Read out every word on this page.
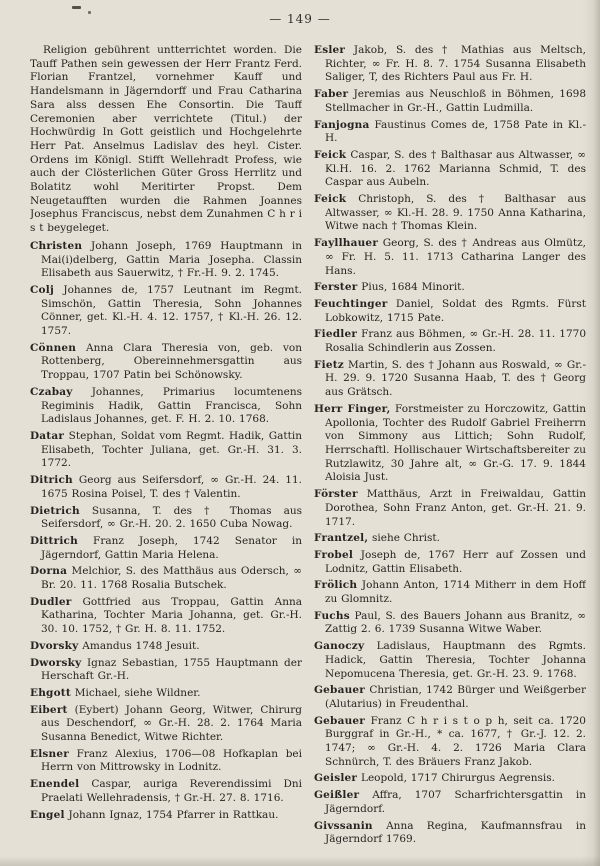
— 149 —

Religion gebührent untterrichtet worden. Die Tauff Pathen sein gewessen der Herr Frantz Ferd. Florian Frantzel, vornehmer Kauff und Handelsmann in Jägerndorff und Frau Catharina Sara alss dessen Ehe Consortin. Die Tauff Ceremonien aber verrichtete (Titul.) der Hochwürdig In Gott geistlich und Hochgelehrte Herr Pat. Anselmus Ladislav des heyl. Cister. Ordens im Königl. Stifft Wellehradt Profess, wie auch der Clösterlichen Güter Gross Herrlitz und Bolatitz wohl Meritirter Propst. Dem Neugetaufften wurden die Rahmen Joannes Josephus Franciscus, nebst dem Zunahmen C h r i s t beygeleget.

Christen Johann Joseph, 1769 Hauptmann in Mai(i)delberg, Gattin Maria Josepha. Classin Elisabeth aus Sauerwitz, † Fr.-H. 9. 2. 1745.

Colj Johannes de, 1757 Leutnant im Regmt. Simschön, Gattin Theresia, Sohn Johannes Cönner, get. Kl.-H. 4. 12. 1757, † Kl.-H. 26. 12. 1757.

Cönnen Anna Clara Theresia von, geb. von Rottenberg, Obereinnehmersgattin aus Troppau, 1707 Patin bei Schönowsky.

Czabay Johannes, Primarius locumtenens Regiminis Hadik, Gattin Francisca, Sohn Ladislaus Johannes, get. F. H. 2. 10. 1768.

Datar Stephan, Soldat vom Regmt. Hadik, Gattin Elisabeth, Tochter Juliana, get. Gr.-H. 31. 3. 1772.

Ditrich Georg aus Seifersdorf, ∞ Gr.-H. 24. 11. 1675 Rosina Poisel, T. des † Valentin.

Dietrich Susanna, T. des † Thomas aus Seifersdorf, ∞ Gr.-H. 20. 2. 1650 Cuba Nowag.

Dittrich Franz Joseph, 1742 Senator in Jägerndorf, Gattin Maria Helena.

Dorna Melchior, S. des Matthäus aus Odersch, ∞ Br. 20. 11. 1768 Rosalia Butschek.

Dudler Gottfried aus Troppau, Gattin Anna Katharina, Tochter Maria Johanna, get. Gr.-H. 30. 10. 1752, † Gr. H. 8. 11. 1752.

Dvorsky Amandus 1748 Jesuit.

Dworsky Ignaz Sebastian, 1755 Hauptmann der Herschaft Gr.-H.

Ehgott Michael, siehe Wildner.

Eibert (Eybert) Johann Georg, Witwer, Chirurg aus Deschendorf, ∞ Gr.-H. 28. 2. 1764 Maria Susanna Benedict, Witwe Richter.

Elsner Franz Alexius, 1706—08 Hofkaplan bei Herrn von Mittrowsky in Lodnitz.

Enendel Caspar, auriga Reverendissimi Dni Praelati Wellehradensis, † Gr.-H. 27. 8. 1716.

Engel Johann Ignaz, 1754 Pfarrer in Rattkau.

Esler Jakob, S. des † Mathias aus Meltsch, Richter, ∞ Fr. H. 8. 7. 1754 Susanna Elisabeth Saliger, T, des Richters Paul aus Fr. H.

Faber Jeremias aus Neuschloß in Böhmen, 1698 Stellmacher in Gr.-H., Gattin Ludmilla.

Fanjogna Faustinus Comes de, 1758 Pate in Kl.-H.

Feick Caspar, S. des † Balthasar aus Altwasser, ∞ Kl.H. 16. 2. 1762 Marianna Schmid, T. des Caspar aus Aubeln.

Feick Christoph, S. des † Balthasar aus Altwasser, ∞ Kl.-H. 28. 9. 1750 Anna Katharina, Witwe nach † Thomas Klein.

Fayllhauer Georg, S. des † Andreas aus Olmütz, ∞ Fr. H. 5. 11. 1713 Catharina Langer des Hans.

Ferster Pius, 1684 Minorit.

Feuchtinger Daniel, Soldat des Rgmts. Fürst Lobkowitz, 1715 Pate.

Fiedler Franz aus Böhmen, ∞ Gr.-H. 28. 11. 1770 Rosalia Schindlerin aus Zossen.

Fietz Martin, S. des † Johann aus Roswald, ∞ Gr.-H. 29. 9. 1720 Susanna Haab, T. des † Georg aus Grätsch.

Herr Finger, Forstmeister zu Horczowitz, Gattin Apollonia, Tochter des Rudolf Gabriel Freiherrn von Simmony aus Littich; Sohn Rudolf, Herrschaftl. Hollischauer Wirtschaftsbereiter zu Rutzlawitz, 30 Jahre alt, ∞ Gr.-G. 17. 9. 1844 Aloisia Just.

Förster Matthäus, Arzt in Freiwaldau, Gattin Dorothea, Sohn Franz Anton, get. Gr.-H. 21. 9. 1717.

Frantzel, siehe Christ.

Frobel Joseph de, 1767 Herr auf Zossen und Lodnitz, Gattin Elisabeth.

Frölich Johann Anton, 1714 Mitherr in dem Hoff zu Glomnitz.

Fuchs Paul, S. des Bauers Johann aus Branitz, ∞ Zattig 2. 6. 1739 Susanna Witwe Waber.

Ganoczy Ladislaus, Hauptmann des Rgmts. Hadick, Gattin Theresia, Tochter Johanna Nepomucena Theresia, get. Gr.-H. 23. 9. 1768.

Gebauer Christian, 1742 Bürger und Weißgerber (Alutarius) in Freudenthal.

Gebauer Franz C h r i s t o p h, seit ca. 1720 Burggraf in Gr.-H., * ca. 1677, † Gr.-J. 12. 2. 1747; ∞ Gr.-H. 4. 2. 1726 Maria Clara Schnürch, T. des Bräuers Franz Jakob.

Geisler Leopold, 1717 Chirurgus Aegrensis.

Geißler Affra, 1707 Scharfrichtersgattin in Jägerndorf.

Givssanin Anna Regina, Kaufmannsfrau in Jägerndorf 1769.
